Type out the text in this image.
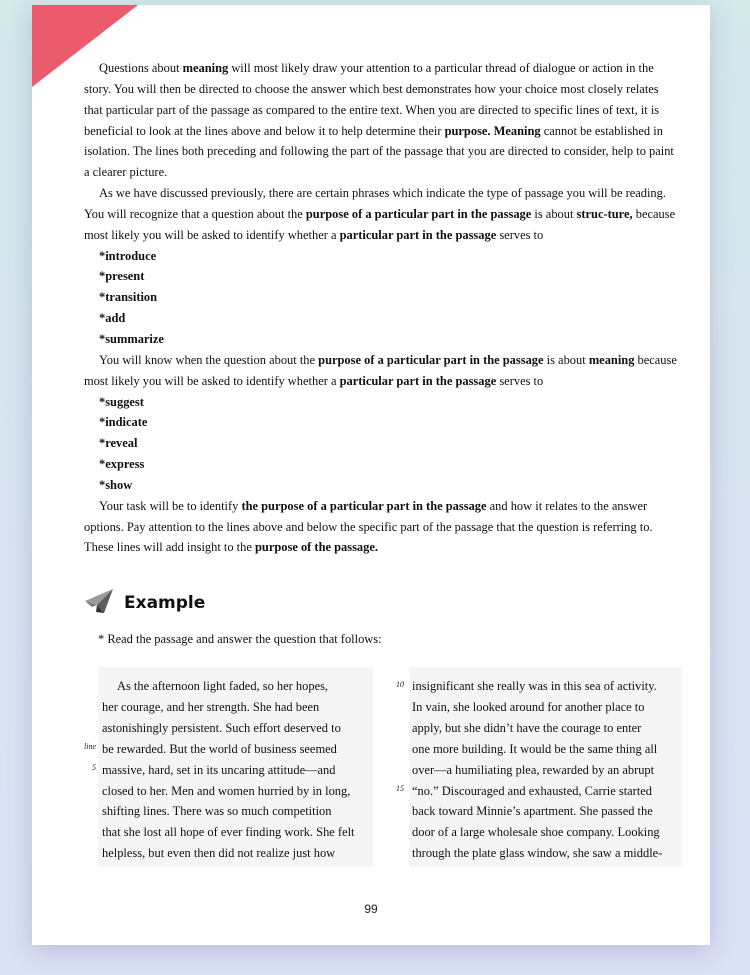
Questions about meaning will most likely draw your attention to a particular thread of dialogue or action in the story. You will then be directed to choose the answer which best demonstrates how your choice most closely relates that particular part of the passage as compared to the entire text. When you are directed to specific lines of text, it is beneficial to look at the lines above and below it to help determine their purpose. Meaning cannot be established in isolation. The lines both preceding and following the part of the passage that you are directed to consider, help to paint a clearer picture.

As we have discussed previously, there are certain phrases which indicate the type of passage you will be reading. You will recognize that a question about the purpose of a particular part in the passage is about struc-ture, because most likely you will be asked to identify whether a particular part in the passage serves to

*introduce
*present
*transition
*add
*summarize

You will know when the question about the purpose of a particular part in the passage is about meaning because most likely you will be asked to identify whether a particular part in the passage serves to

*suggest
*indicate
*reveal
*express
*show

Your task will be to identify the purpose of a particular part in the passage and how it relates to the answer options. Pay attention to the lines above and below the specific part of the passage that the question is referring to. These lines will add insight to the purpose of the passage.

Example
* Read the passage and answer the question that follows:
As the afternoon light faded, so her hopes,
her courage, and her strength. She had been
astonishingly persistent. Such effort deserved to
be rewarded. But the world of business seemed
massive, hard, set in its uncaring attitude—and
closed to her. Men and women hurried by in long,
shifting lines. There was so much competition
that she lost all hope of ever finding work. She felt
helpless, but even then did not realize just how
insignificant she really was in this sea of activity.
In vain, she looked around for another place to
apply, but she didn’t have the courage to enter
one more building. It would be the same thing all
over—a humiliating plea, rewarded by an abrupt
“no.” Discouraged and exhausted, Carrie started
back toward Minnie’s apartment. She passed the
door of a large wholesale shoe company. Looking
through the plate glass window, she saw a middle-
line
5
10
15
99
